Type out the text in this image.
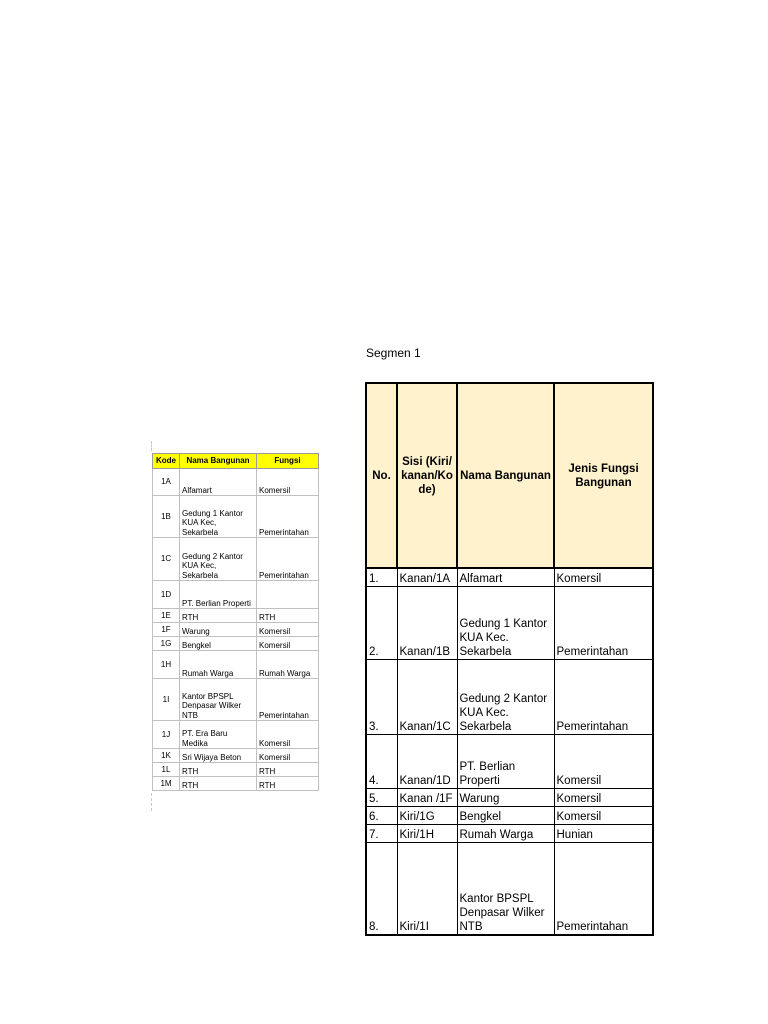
Kode	Nama Bangunan	Fungsi
1A	Alfamart	Komersil
1B	Gedung 1 Kantor KUA Kec, Sekarbela	Pemerintahan
1C	Gedung 2 Kantor KUA Kec, Sekarbela	Pemerintahan
1D	PT. Berlian Properti	
1E	RTH	RTH
1F	Warung	Komersil
1G	Bengkel	Komersil
1H	Rumah Warga	Rumah Warga
1I	Kantor BPSPL Denpasar Wilker NTB	Pemerintahan
1J	PT. Era Baru Medika	Komersil
1K	Sri Wijaya Beton	Komersil
1L	RTH	RTH
1M	RTH	RTH
Segmen 1
No.	Sisi (Kiri/kanan/Kode)	Nama Bangunan	Jenis Fungsi Bangunan
1.	Kanan/1A	Alfamart	Komersil
2.	Kanan/1B	Gedung 1 Kantor KUA Kec. Sekarbela	Pemerintahan
3.	Kanan/1C	Gedung 2 Kantor KUA Kec. Sekarbela	Pemerintahan
4.	Kanan/1D	PT. Berlian Properti	Komersil
5.	Kanan /1F	Warung	Komersil
6.	Kiri/1G	Bengkel	Komersil
7.	Kiri/1H	Rumah Warga	Hunian
8.	Kiri/1I	Kantor BPSPL Denpasar Wilker NTB	Pemerintahan
